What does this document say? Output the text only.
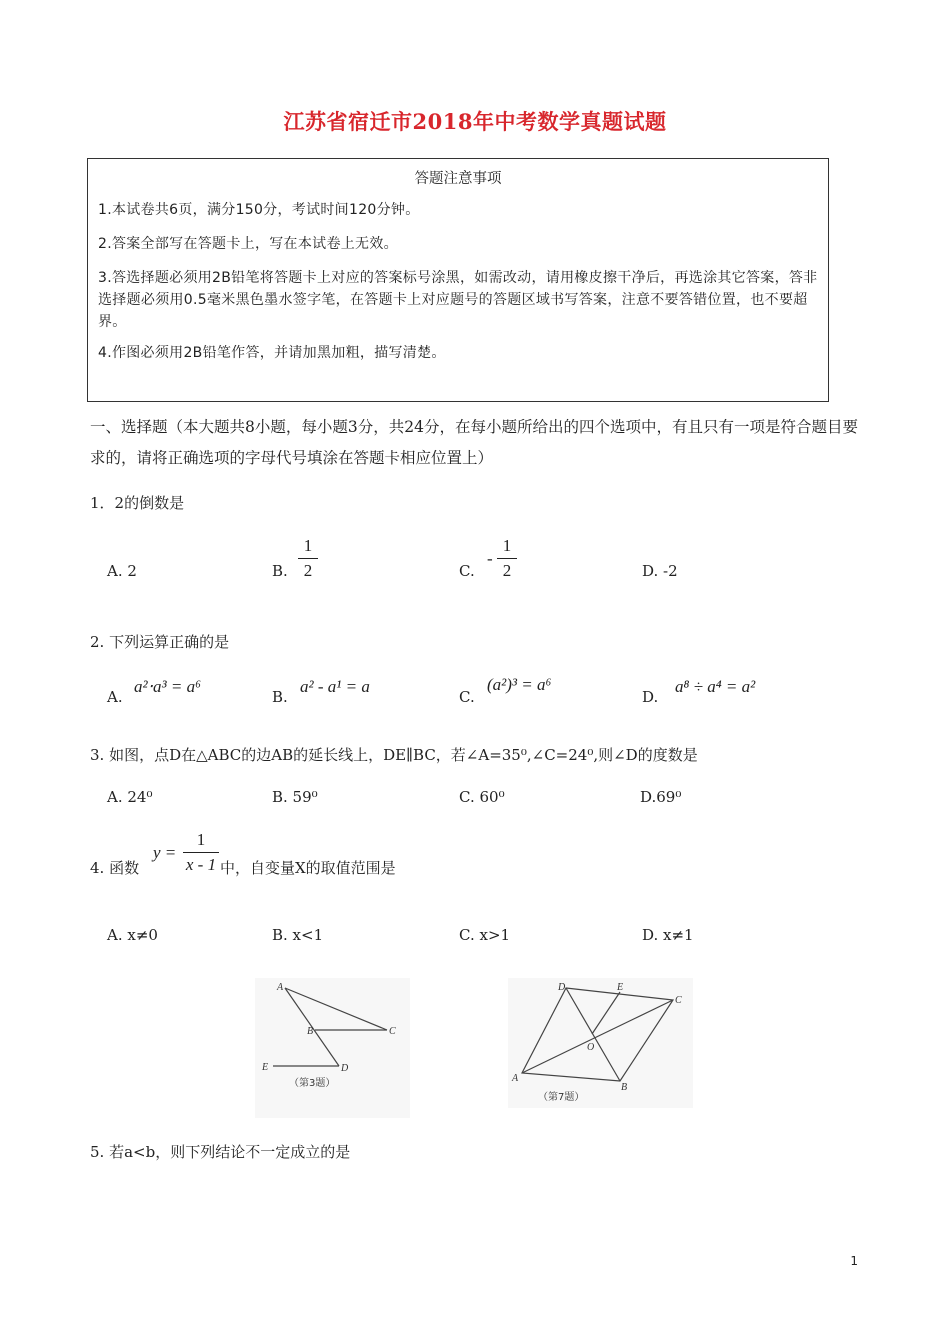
江苏省宿迁市2018年中考数学真题试题
答题注意事项
1.本试卷共6页，满分150分，考试时间120分钟。
2.答案全部写在答题卡上，写在本试卷上无效。
3.答选择题必须用2B铅笔将答题卡上对应的答案标号涂黑，如需改动，请用橡皮擦干净后，再选涂其它答案，答非选择题必须用0.5毫米黑色墨水签字笔，在答题卡上对应题号的答题区域书写答案，注意不要答错位置，也不要超界。
4.作图必须用2B铅笔作答，并请加黑加粗，描写清楚。
一、选择题（本大题共8小题，每小题3分，共24分，在每小题所给出的四个选项中，有且只有一项是符合题目要求的，请将正确选项的字母代号填涂在答题卡相应位置上）
1．2的倒数是
A. 2	B.
1
2	C.
-
1
2	D. -2
2. 下列运算正确的是
A.
a²⋅a³ = a⁶
B.
a² - a¹ = a
C.
(a²)³ = a⁶
D.
a⁸ ÷ a⁴ = a²
3. 如图，点D在△ABC的边AB的延长线上，DE∥BC，若∠A=35⁰,∠C=24⁰,则∠D的度数是
A. 24⁰	B. 59⁰	C. 60⁰	D.69⁰
4. 函数
y =
1
x - 1 中，自变量X的取值范围是
A. x≠0	B. x<1	C. x>1	D. x≠1
A
B	C
E	D
（第3题）
D	E
C
O
A
B
（第7题）
5. 若a<b，则下列结论不一定成立的是
1
